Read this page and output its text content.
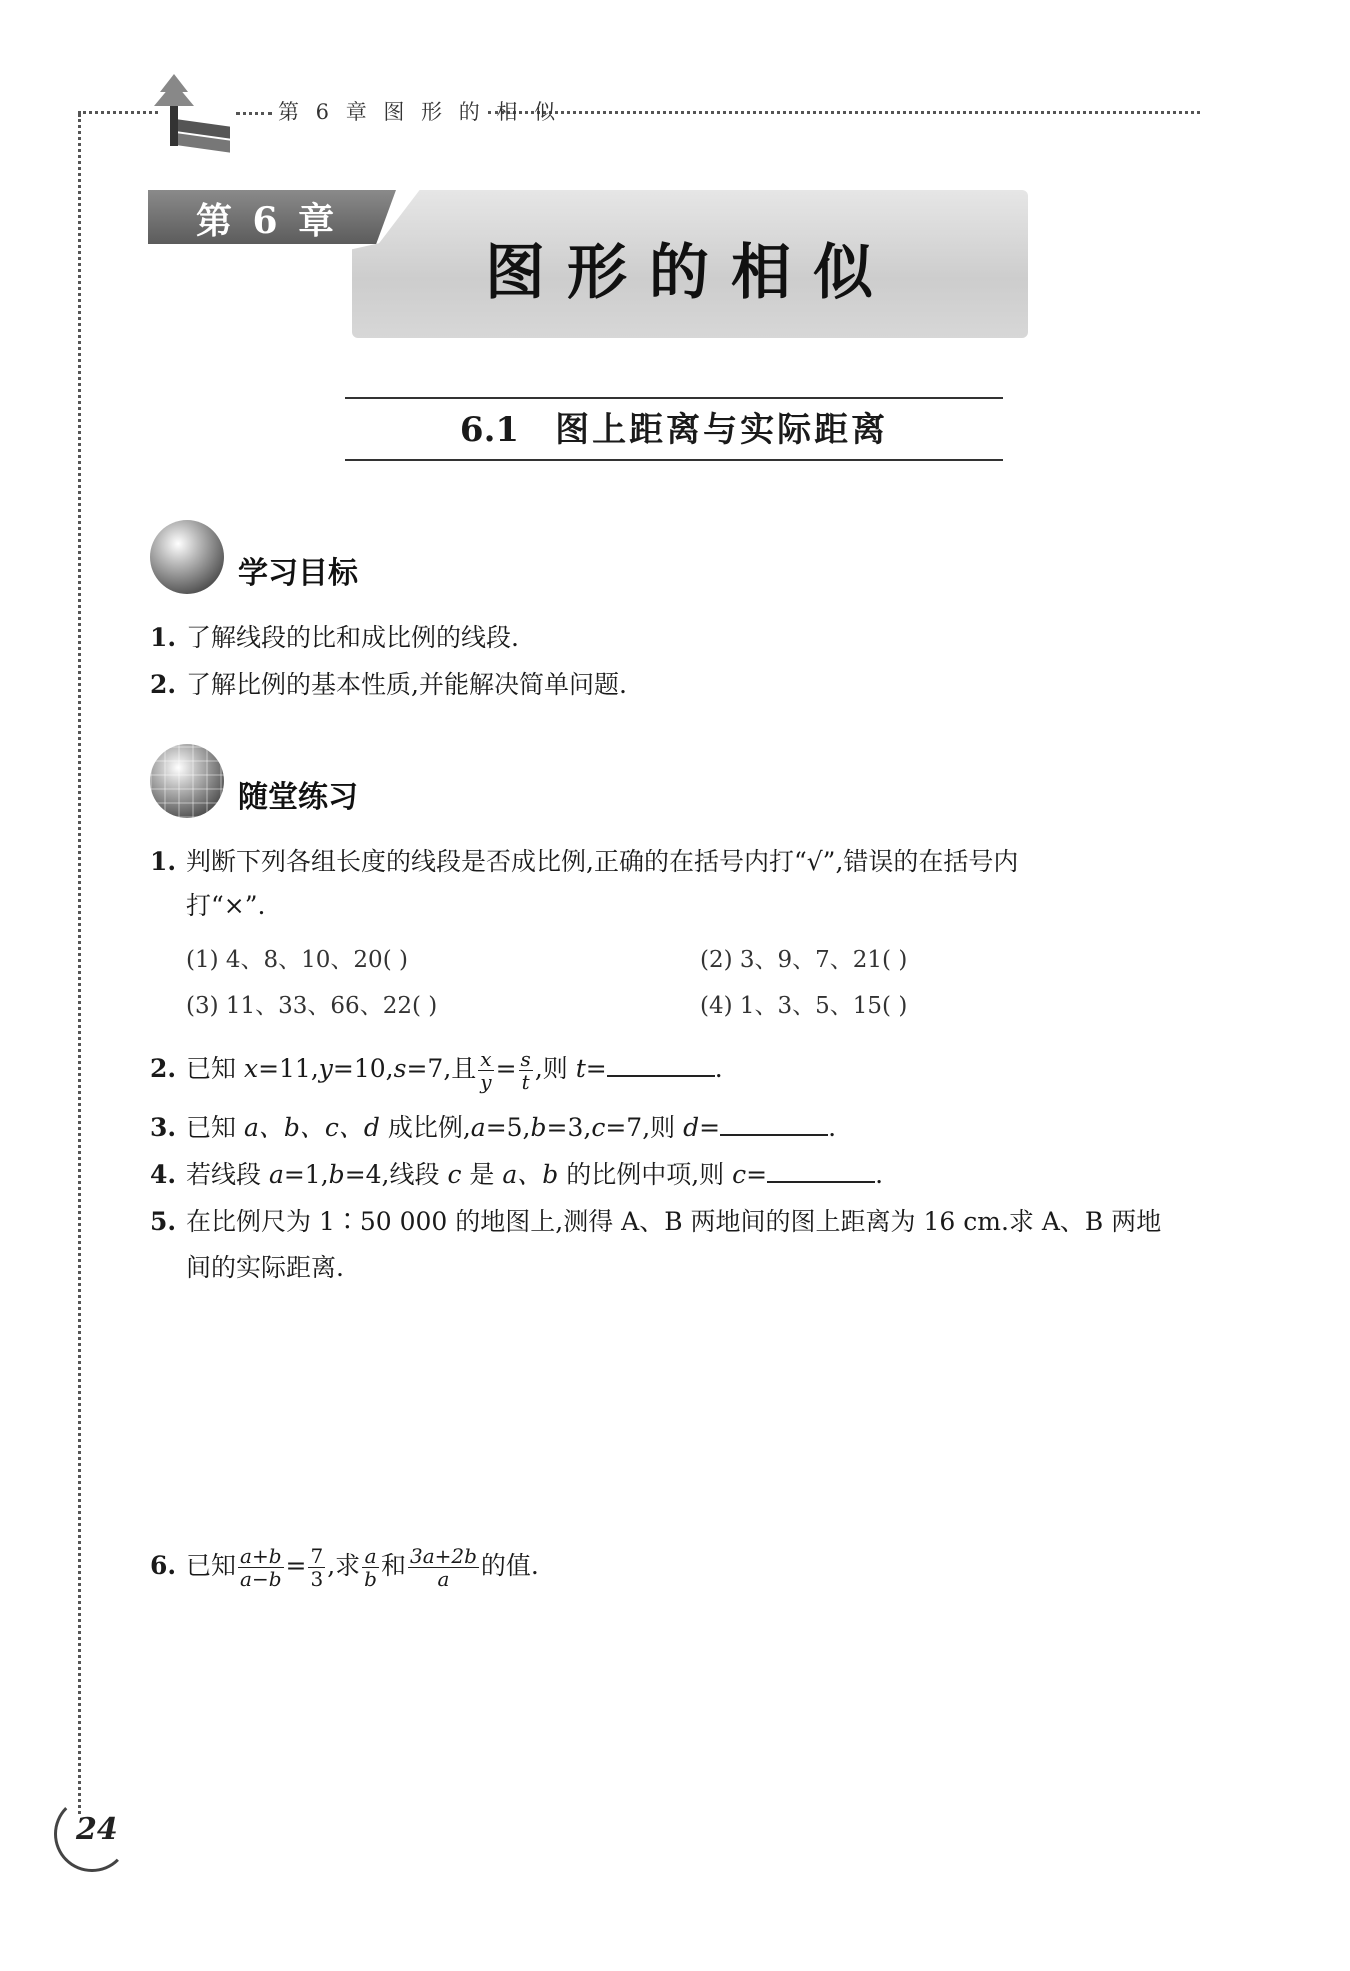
第 6 章 图 形 的 相 似
第 6 章
图形的相似
6.1 图上距离与实际距离
学习目标
1. 了解线段的比和成比例的线段.
2. 了解比例的基本性质,并能解决简单问题.
随堂练习
1. 判断下列各组长度的线段是否成比例,正确的在括号内打“√”,错误的在括号内
打“×”.
(1) 4、8、10、20( )	(2) 3、9、7、21( )
(3) 11、33、66、22( )	(4) 1、3、5、15( )
2. 已知 x=11,y=10,s=7,且 $\frac{x}{y} = \frac{s}{t}$ ,则 t=	.
3. 已知 a、b、c、d 成比例,a=5,b=3,c=7,则 d=	.
4. 若线段 a=1,b=4,线段 c 是 a、b 的比例中项,则 c=	.
5. 在比例尺为 1∶50 000 的地图上,测得 A、B 两地间的图上距离为 16 cm.求 A、B 两地
间的实际距离.
6. 已知 $\frac{a+b}{a-b} = \frac{7}{3}$ ,求 $\frac{a}{b}$ 和 $\frac{3a+2b}{a}$ 的值.
24
